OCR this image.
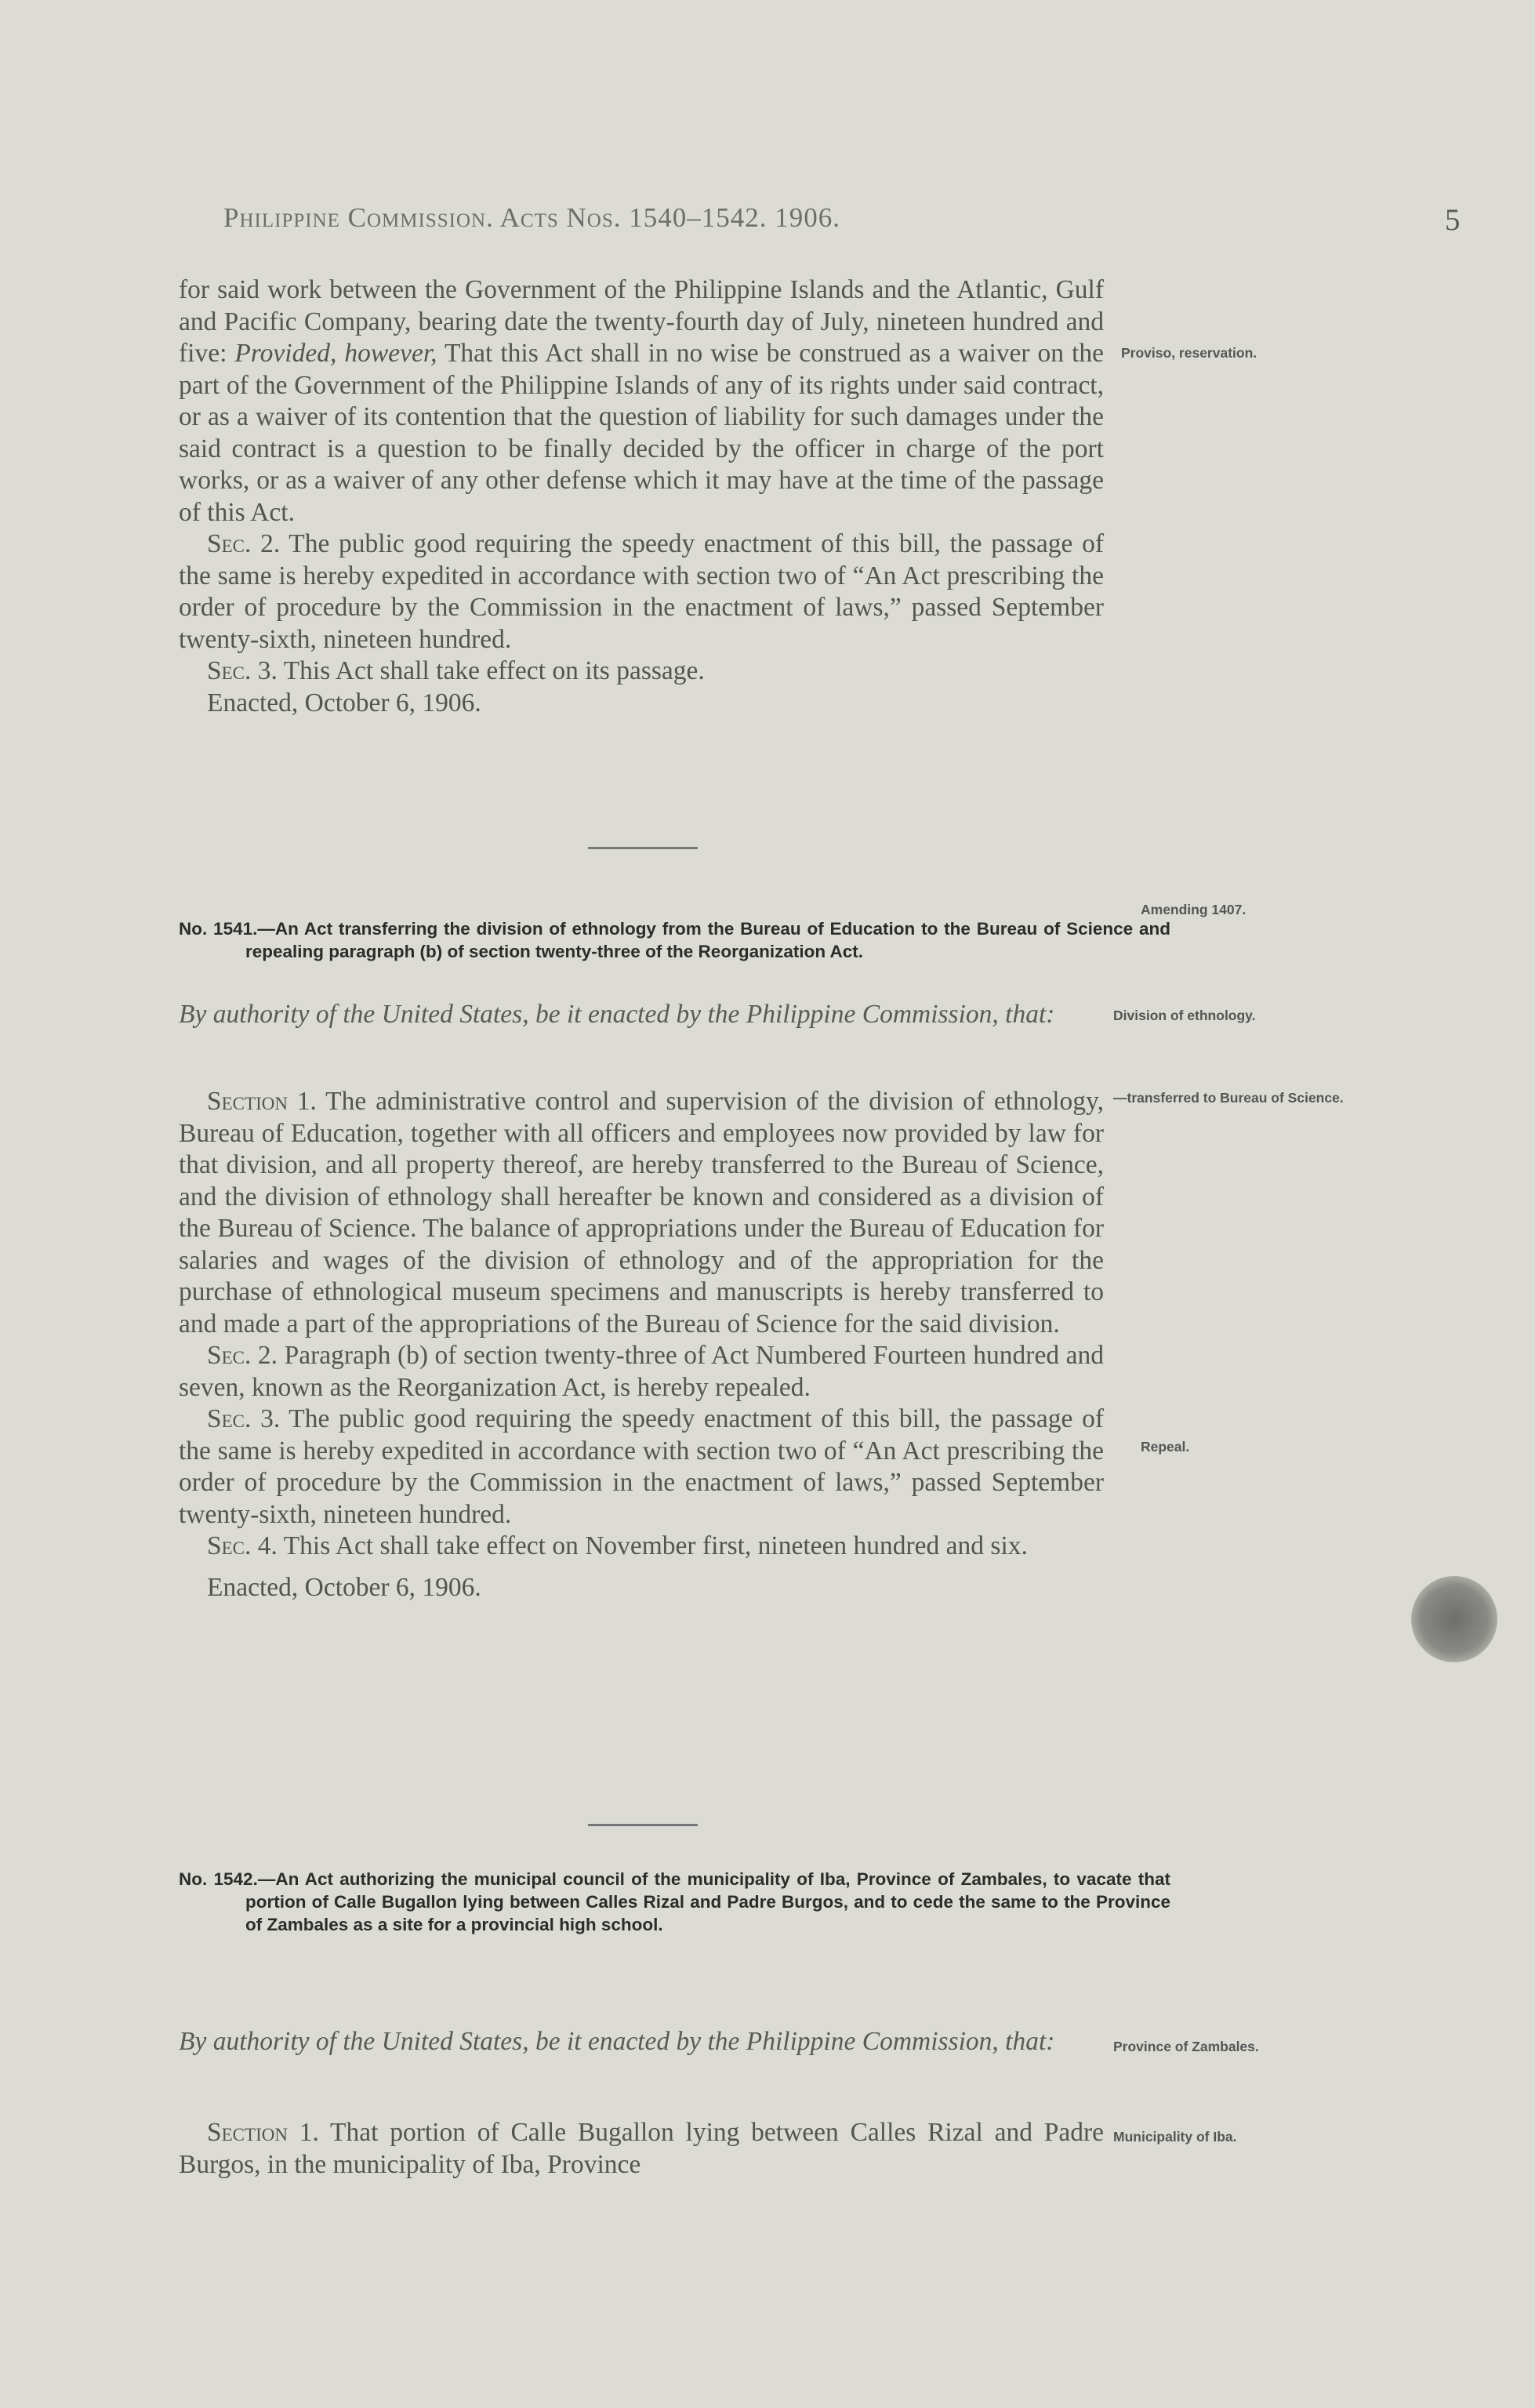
Philippine Commission. Acts Nos. 1540–1542. 1906.	5

for said work between the Government of the Philippine Islands and the Atlantic, Gulf and Pacific Company, bearing date the twenty-fourth day of July, nineteen hundred and five: Provided, however, That this Act shall in no wise be construed as a waiver on the part of the Government of the Philippine Islands of any of its rights under said contract, or as a waiver of its contention that the question of liability for such damages under the said contract is a question to be finally decided by the officer in charge of the port works, or as a waiver of any other defense which it may have at the time of the passage of this Act.

Sec. 2. The public good requiring the speedy enactment of this bill, the passage of the same is hereby expedited in accordance with section two of “An Act prescribing the order of procedure by the Commission in the enactment of laws,” passed September twenty-sixth, nineteen hundred.

Sec. 3. This Act shall take effect on its passage.

Enacted, October 6, 1906.

No. 1541.—An Act transferring the division of ethnology from the Bureau of Education to the Bureau of Science and repealing paragraph (b) of section twenty-three of the Reorganization Act.
By authority of the United States, be it enacted by the Philippine Commission, that:

Section 1. The administrative control and supervision of the division of ethnology, Bureau of Education, together with all officers and employees now provided by law for that division, and all property thereof, are hereby transferred to the Bureau of Science, and the division of ethnology shall hereafter be known and considered as a division of the Bureau of Science. The balance of appropriations under the Bureau of Education for salaries and wages of the division of ethnology and of the appropriation for the purchase of ethnological museum specimens and manuscripts is hereby transferred to and made a part of the appropriations of the Bureau of Science for the said division.

Sec. 2. Paragraph (b) of section twenty-three of Act Numbered Fourteen hundred and seven, known as the Reorganization Act, is hereby repealed.

Sec. 3. The public good requiring the speedy enactment of this bill, the passage of the same is hereby expedited in accordance with section two of “An Act prescribing the order of procedure by the Commission in the enactment of laws,” passed September twenty-sixth, nineteen hundred.

Sec. 4. This Act shall take effect on November first, nineteen hundred and six.

Enacted, October 6, 1906.

No. 1542.—An Act authorizing the municipal council of the municipality of Iba, Province of Zambales, to vacate that portion of Calle Bugallon lying between Calles Rizal and Padre Burgos, and to cede the same to the Province of Zambales as a site for a provincial high school.
By authority of the United States, be it enacted by the Philippine Commission, that:

Section 1. That portion of Calle Bugallon lying between Calles Rizal and Padre Burgos, in the municipality of Iba, Province

Proviso, reservation.
Amending 1407.
Division of ethnology.
—transferred to Bureau of Science.
Repeal.
Province of Zambales.
Municipality of Iba.
